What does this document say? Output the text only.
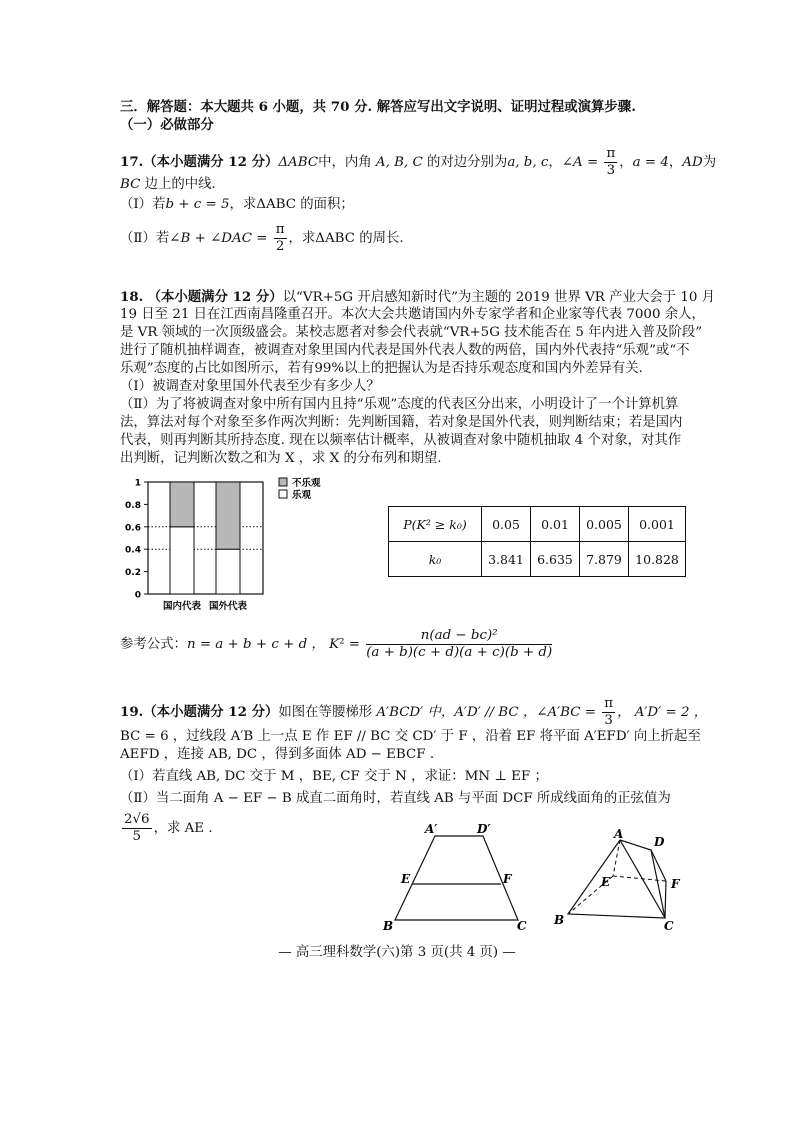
三．解答题：本大题共 6 小题，共 70 分. 解答应写出文字说明、证明过程或演算步骤.
（一）必做部分
17.（本小题满分 12 分）ΔABC中，内角 A, B, C 的对边分别为a, b, c，∠A = $\frac{\pi}{3}$ ，a = 4，AD为
BC 边上的中线.
（Ⅰ）若b + c = 5，求ΔABC 的面积；
（Ⅱ）若∠B + ∠DAC = $\frac{\pi}{2}$ ，求ΔABC 的周长.
18. （本小题满分 12 分）以“VR+5G 开启感知新时代”为主题的 2019 世界 VR 产业大会于 10 月
19 日至 21 日在江西南昌隆重召开。本次大会共邀请国内外专家学者和企业家等代表 7000 余人，
是 VR 领域的一次顶级盛会。某校志愿者对参会代表就“VR+5G 技术能否在 5 年内进入普及阶段”
进行了随机抽样调查，被调查对象里国内代表是国外代表人数的两倍，国内外代表持“乐观”或“不
乐观”态度的占比如图所示，若有99%以上的把握认为是否持乐观态度和国内外差异有关.
（Ⅰ）被调查对象里国外代表至少有多少人？
（Ⅱ）为了将被调查对象中所有国内且持“乐观”态度的代表区分出来，小明设计了一个计算机算
法，算法对每个对象至多作两次判断：先判断国籍，若对象是国外代表，则判断结束；若是国内
代表，则再判断其所持态度. 现在以频率估计概率，从被调查对象中随机抽取 4 个对象，对其作
出判断，记判断次数之和为 X ，求 X 的分布列和期望.
0
0.2
0.4
0.6
0.8
1
国内代表 国外代表
不乐观
乐观
P(K² ≥ k₀)	0.05	0.01	0.005	0.001
k₀	3.841	6.635	7.879	10.828
参考公式：n = a + b + c + d ， $K^2 = \frac{\text{n(ad − bc)²}}{(a + b)(c + d)(a + c)(b + d)}$
19.（本小题满分 12 分）如图在等腰梯形 A′BCD′ 中，A′D′ // BC ，∠A′BC = $\frac{\pi}{3}$ ， A′D′ = 2 ，
BC = 6 ，过线段 A′B 上一点 E 作 EF // BC 交 CD′ 于 F ，沿着 EF 将平面 A′EFD′ 向上折起至
AEFD ，连接 AB, DC ，得到多面体 AD − EBCF .
（Ⅰ）若直线 AB, DC 交于 M ，BE, CF 交于 N ，求证：MN ⊥ EF ；
（Ⅱ）当二面角 A − EF − B 成直二面角时，若直线 AB 与平面 DCF 所成线面角的正弦值为
$\frac{2√6}{5}$ ，求 AE .	A′	D′
E	F
B	C
A
D
E	F
B	C
— 高三理科数学(六)第 3 页(共 4 页) —
